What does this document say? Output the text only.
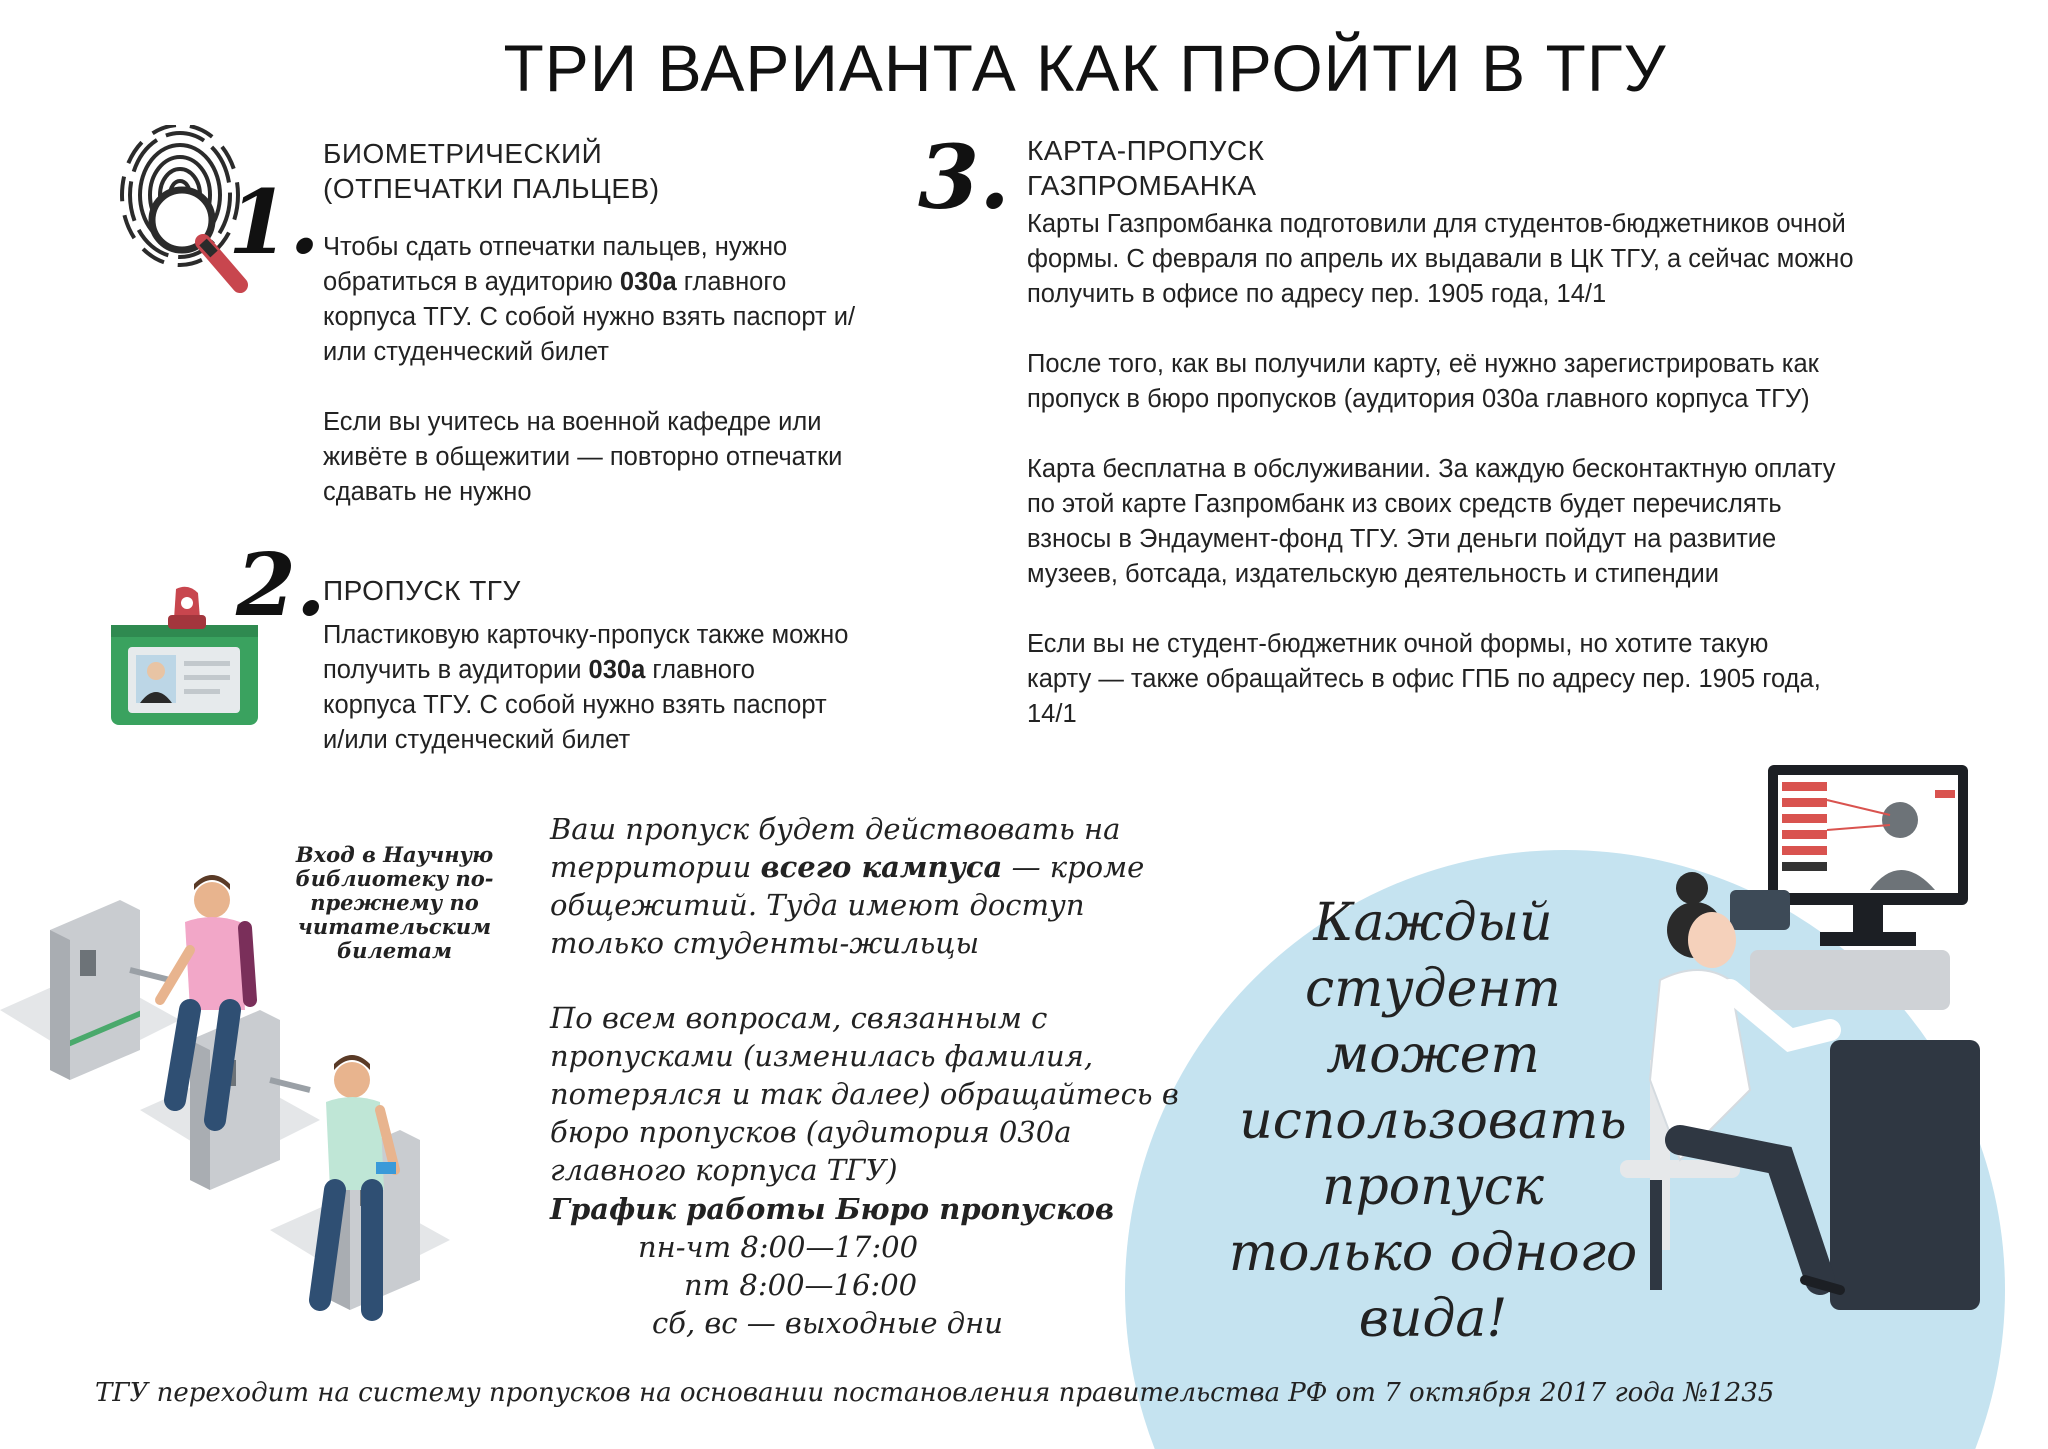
ТРИ ВАРИАНТА КАК ПРОЙТИ В ТГУ
1.
БИОМЕТРИЧЕСКИЙ
(ОТПЕЧАТКИ ПАЛЬЦЕВ)

Чтобы сдать отпечатки пальцев, нужно обратиться в аудиторию 030а главного корпуса ТГУ. С собой нужно взять паспорт и/или студенческий билет

Если вы учитесь на военной кафедре или живёте в общежитии — повторно отпечатки сдавать не нужно

2.
ПРОПУСК ТГУ

Пластиковую карточку-пропуск также можно получить в аудитории 030а главного корпуса ТГУ. С собой нужно взять паспорт и/или студенческий билет

3. КАРТА-ПРОПУСК
ГАЗПРОМБАНКА

Карты Газпромбанка подготовили для студентов-бюджетников очной формы. С февраля по апрель их выдавали в ЦК ТГУ, а сейчас можно получить в офисе по адресу пер. 1905 года, 14/1

После того, как вы получили карту, её нужно зарегистрировать как пропуск в бюро пропусков (аудитория 030а главного корпуса ТГУ)

Карта бесплатна в обслуживании. За каждую бесконтактную оплату по этой карте Газпромбанк из своих средств будет перечислять взносы в Эндаумент-фонд ТГУ. Эти деньги пойдут на развитие музеев, ботсада, издательскую деятельность и стипендии

Если вы не студент-бюджетник очной формы, но хотите такую карту — также обращайтесь в офис ГПБ по адресу пер. 1905 года, 14/1

Вход в Научную библиотеку по-прежнему по читательским билетам
Ваш пропуск будет действовать на территории всего кампуса — кроме общежитий. Туда имеют доступ только студенты-жильцы
По всем вопросам, связанным с пропусками (изменилась фамилия, потерялся и так далее) обращайтесь в бюро пропусков (аудитория 030а главного корпуса ТГУ)
График работы Бюро пропусков
пн-чт 8:00—17:00
пт 8:00—16:00
сб, вс — выходные дни
Каждый студент может использовать пропуск только одного вида!
ТГУ переходит на систему пропусков на основании постановления правительства РФ от 7 октября 2017 года №1235
